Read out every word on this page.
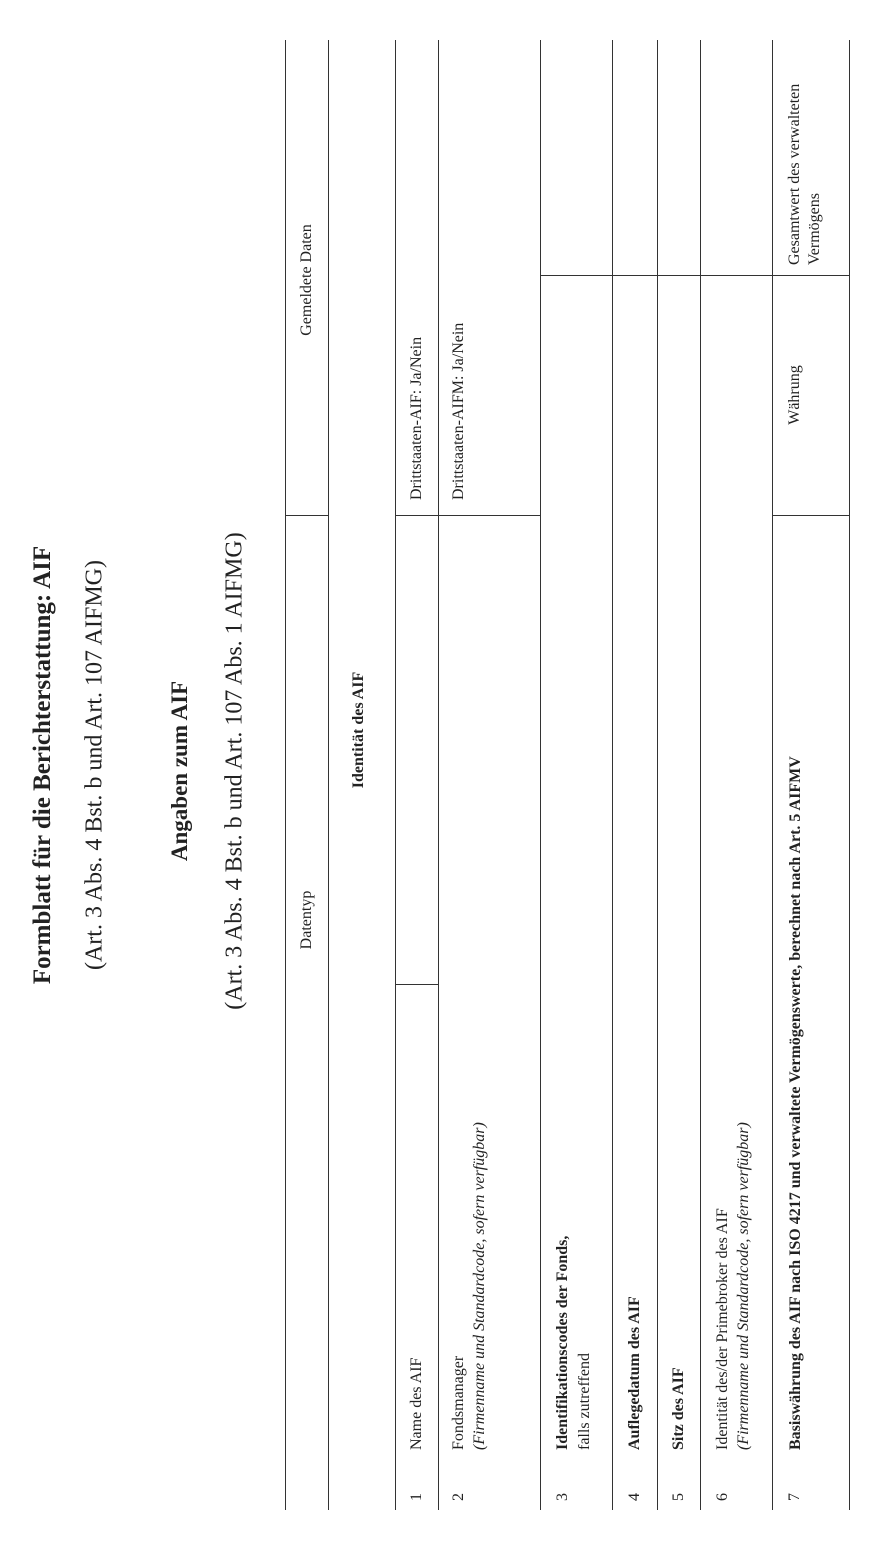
Formblatt für die Berichterstattung: AIF (Art. 3 Abs. 4 Bst. b und Art. 107 AIFMG)	Angaben zum AIF (Art. 3 Abs. 4 Bst. b und Art. 107 Abs. 1 AIFMG)	Datentyp
Gemeldete Daten
Identität des AIF
1
Name des AIF
Drittstaaten-AIF: Ja/Nein
2
Fondsmanager (Firmenname und Standardcode, sofern verfügbar)
Drittstaaten-AIFM: Ja/Nein
3
Identifikationscodes der Fonds, falls zutreffend
4
Auflegedatum des AIF
5
Sitz des AIF
6
Identität des/der Primebroker des AIF (Firmenname und Standardcode, sofern verfügbar)
7
Basiswährung des AIF nach ISO 4217 und verwaltete Vermögenswerte, berechnet nach Art. 5 AIFMV
Währung
Gesamtwert des verwalteten Vermögens
